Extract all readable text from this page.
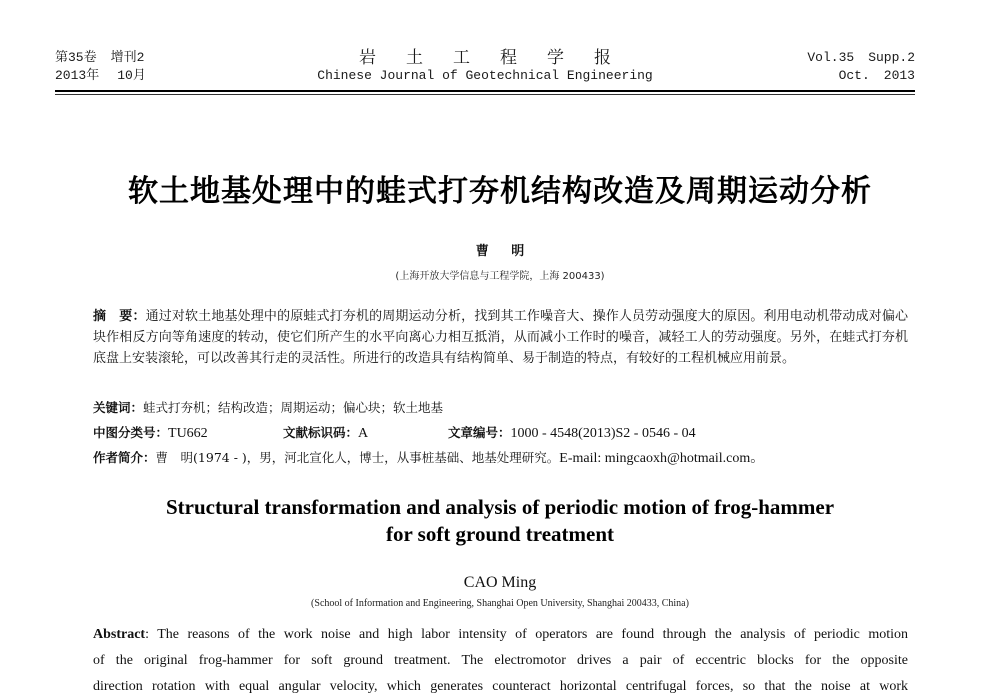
第35卷 增刊2
2013年 10月
岩土工程学报
Chinese Journal of Geotechnical Engineering
Vol.35 Supp.2
Oct. 2013
软土地基处理中的蛙式打夯机结构改造及周期运动分析
曹 明
(上海开放大学信息与工程学院，上海 200433)
摘　要：通过对软土地基处理中的原蛙式打夯机的周期运动分析，找到其工作噪音大、操作人员劳动强度大的原因。利用电动机带动成对偏心块作相反方向等角速度的转动，使它们所产生的水平向离心力相互抵消，从而减小工作时的噪音，减轻工人的劳动强度。另外，在蛙式打夯机底盘上安装滚轮，可以改善其行走的灵活性。所进行的改造具有结构简单、易于制造的特点，有较好的工程机械应用前景。
关键词：蛙式打夯机；结构改造；周期运动；偏心块；软土地基
中图分类号：TU662	文献标识码：A	文章编号：1000 - 4548(2013)S2 - 0546 - 04
作者简介：曹　明(1974 - )，男，河北宣化人，博士，从事桩基础、地基处理研究。E-mail: mingcaoxh@hotmail.com。
Structural transformation and analysis of periodic motion of frog-hammer
for soft ground treatment
CAO Ming
(School of Information and Engineering, Shanghai Open University, Shanghai 200433, China)
Abstract: The reasons of the work noise and high labor intensity of operators are found through the analysis of periodic motion
of the original frog-hammer for soft ground treatment. The electromotor drives a pair of eccentric blocks for the opposite
direction rotation with equal angular velocity, which generates counteract horizontal centrifugal forces, so that the noise at work
